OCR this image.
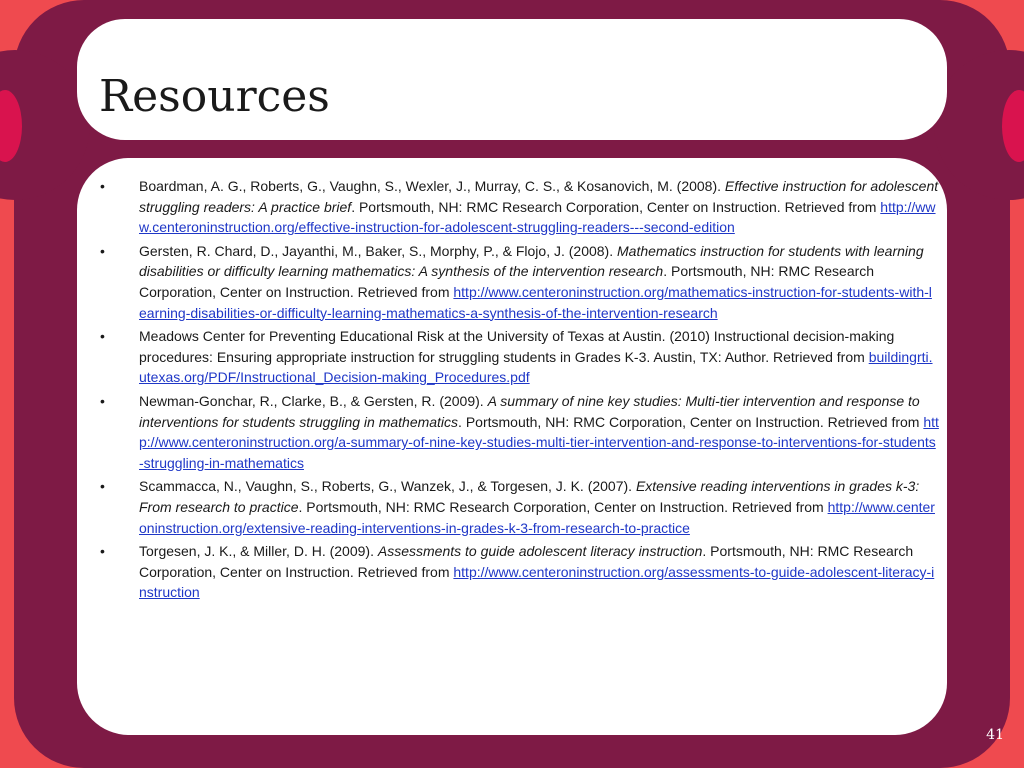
Resources
• Boardman, A. G., Roberts, G., Vaughn, S., Wexler, J., Murray, C. S., & Kosanovich, M. (2008). Effective instruction for adolescent struggling readers: A practice brief. Portsmouth, NH: RMC Research Corporation, Center on Instruction. Retrieved from http://www.centeroninstruction.org/effective-instruction-for-adolescent-struggling-readers---second-edition
• Gersten, R. Chard, D., Jayanthi, M., Baker, S., Morphy, P., & Flojo, J. (2008). Mathematics instruction for students with learning disabilities or difficulty learning mathematics: A synthesis of the intervention research. Portsmouth, NH: RMC Research Corporation, Center on Instruction. Retrieved from http://www.centeroninstruction.org/mathematics-instruction-for-students-with-learning-disabilities-or-difficulty-learning-mathematics-a-synthesis-of-the-intervention-research
• Meadows Center for Preventing Educational Risk at the University of Texas at Austin. (2010) Instructional decision-making procedures: Ensuring appropriate instruction for struggling students in Grades K-3. Austin, TX: Author. Retrieved from buildingrti.utexas.org/PDF/Instructional_Decision-making_Procedures.pdf
• Newman-Gonchar, R., Clarke, B., & Gersten, R. (2009). A summary of nine key studies: Multi-tier intervention and response to interventions for students struggling in mathematics. Portsmouth, NH: RMC Corporation, Center on Instruction. Retrieved from http://www.centeroninstruction.org/a-summary-of-nine-key-studies-multi-tier-intervention-and-response-to-interventions-for-students-struggling-in-mathematics
• Scammacca, N., Vaughn, S., Roberts, G., Wanzek, J., & Torgesen, J. K. (2007). Extensive reading interventions in grades k-3: From research to practice. Portsmouth, NH: RMC Research Corporation, Center on Instruction. Retrieved from http://www.centeroninstruction.org/extensive-reading-interventions-in-grades-k-3-from-research-to-practice
• Torgesen, J. K., & Miller, D. H. (2009). Assessments to guide adolescent literacy instruction. Portsmouth, NH: RMC Research Corporation, Center on Instruction. Retrieved from http://www.centeroninstruction.org/assessments-to-guide-adolescent-literacy-instruction
41
